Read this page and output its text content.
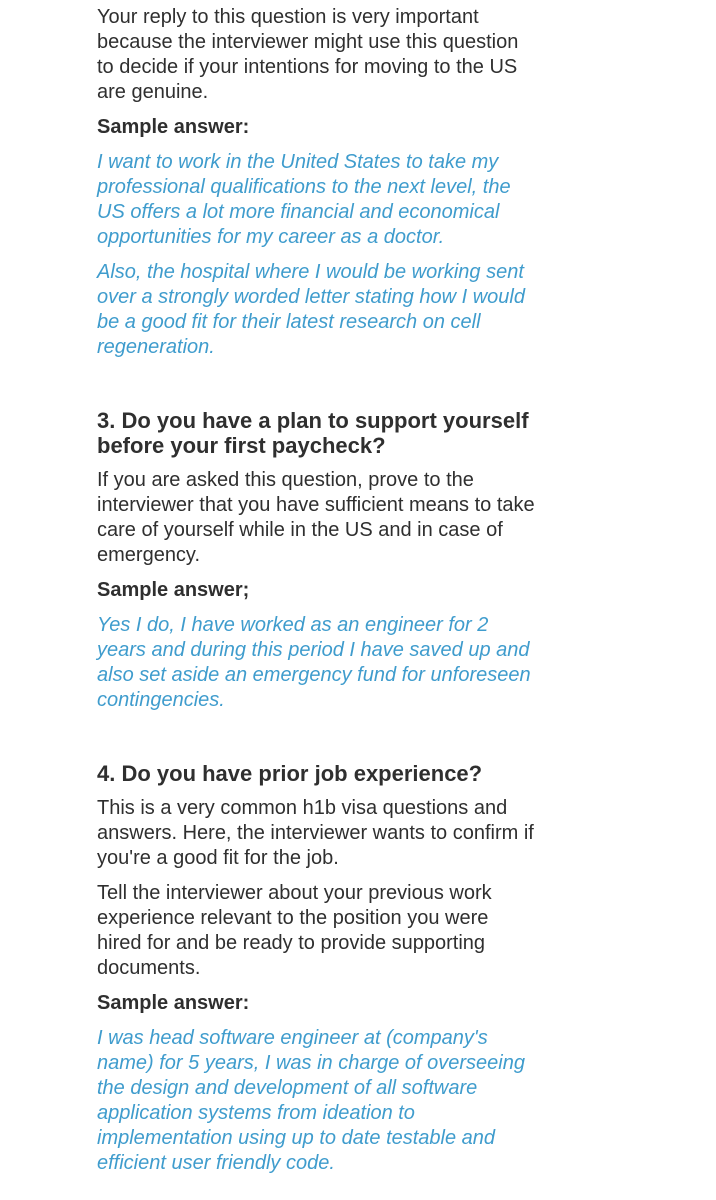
Your reply to this question is very important because the interviewer might use this question to decide if your intentions for moving to the US are genuine.

Sample answer:

I want to work in the United States to take my professional qualifications to the next level, the US offers a lot more financial and economical opportunities for my career as a doctor.

Also, the hospital where I would be working sent over a strongly worded letter stating how I would be a good fit for their latest research on cell regeneration.

3. Do you have a plan to support yourself before your first paycheck?

If you are asked this question, prove to the interviewer that you have sufficient means to take care of yourself while in the US and in case of emergency.

Sample answer;

Yes I do, I have worked as an engineer for 2 years and during this period I have saved up and also set aside an emergency fund for unforeseen contingencies.

4. Do you have prior job experience?

This is a very common h1b visa questions and answers. Here, the interviewer wants to confirm if you're a good fit for the job.

Tell the interviewer about your previous work experience relevant to the position you were hired for and be ready to provide supporting documents.

Sample answer:

I was head software engineer at (company's name) for 5 years, I was in charge of overseeing the design and development of all software application systems from ideation to implementation using up to date testable and efficient user friendly code.
